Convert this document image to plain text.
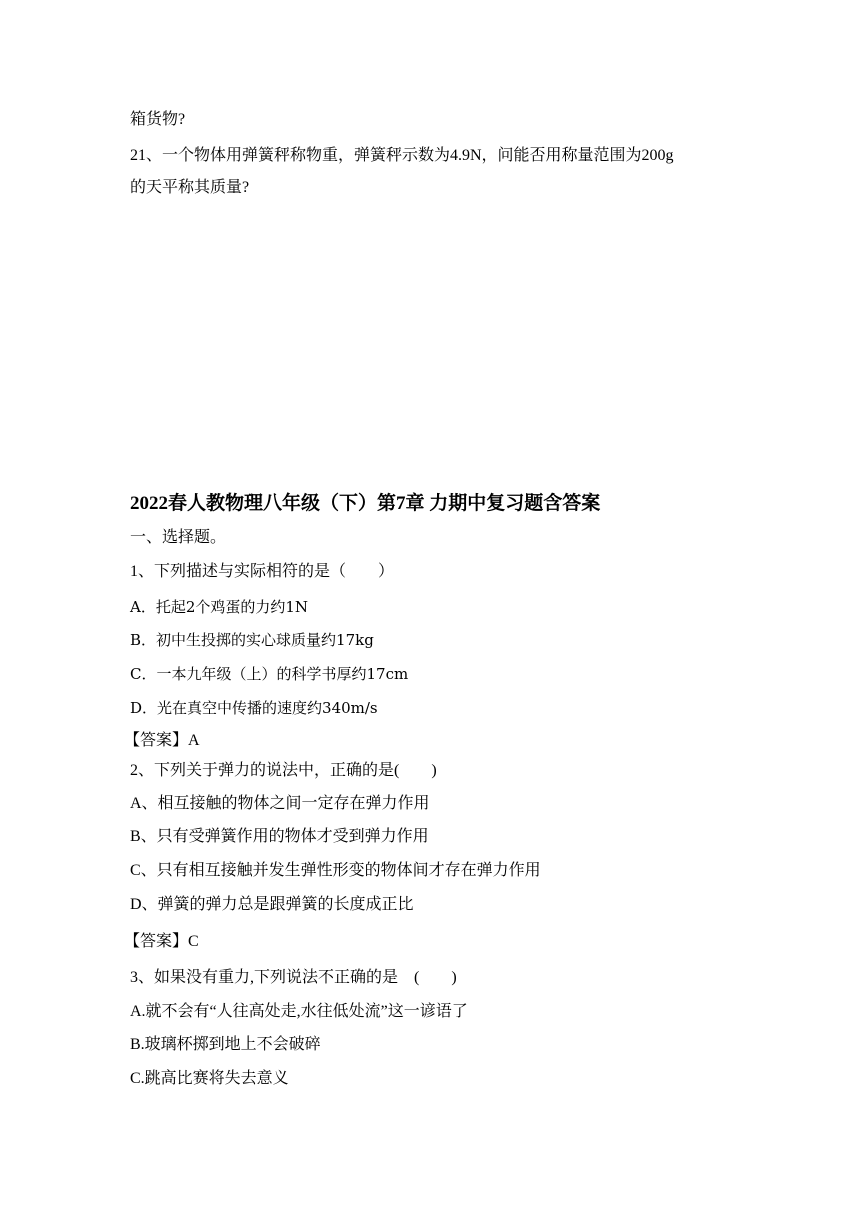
箱货物?
21、一个物体用弹簧秤称物重，弹簧秤示数为4.9N，问能否用称量范围为200g
的天平称其质量?
2022春人教物理八年级（下）第7章 力期中复习题含答案
一、选择题。
1、下列描述与实际相符的是（　　）
A．托起2个鸡蛋的力约1N
B．初中生投掷的实心球质量约17kg
C．一本九年级（上）的科学书厚约17cm
D．光在真空中传播的速度约340m/s
【答案】A
2、下列关于弹力的说法中，正确的是(　　)
A、相互接触的物体之间一定存在弹力作用
B、只有受弹簧作用的物体才受到弹力作用
C、只有相互接触并发生弹性形变的物体间才存在弹力作用
D、弹簧的弹力总是跟弹簧的长度成正比
【答案】C
3、如果没有重力,下列说法不正确的是　(　　)
A.就不会有“人往高处走,水往低处流”这一谚语了
B.玻璃杯掷到地上不会破碎
C.跳高比赛将失去意义
